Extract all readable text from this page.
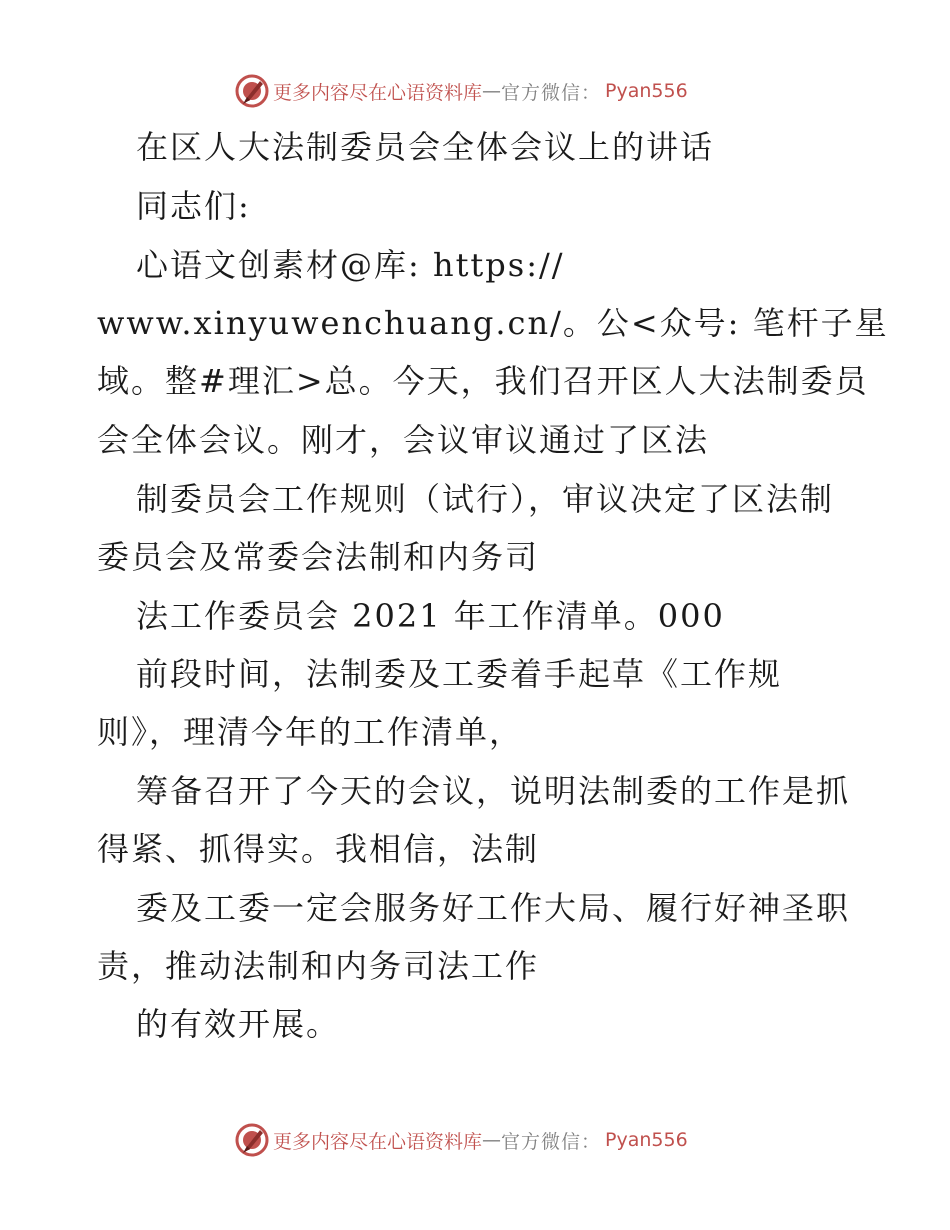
更多内容尽在心语资料库 — 官方微信： Pyan556
在区人大法制委员会全体会议上的讲话
同志们:
心语文创素材@库: https://
www.xinyuwenchuang.cn/。公<众号: 笔杆子星
域。整#理汇>总。今天，我们召开区人大法制委员
会全体会议。刚才，会议审议通过了区法
制委员会工作规则（试行），审议决定了区法制
委员会及常委会法制和内务司
法工作委员会 2021 年工作清单。000
前段时间，法制委及工委着手起草《工作规
则》，理清今年的工作清单，
筹备召开了今天的会议，说明法制委的工作是抓
得紧、抓得实。我相信，法制
委及工委一定会服务好工作大局、履行好神圣职
责，推动法制和内务司法工作
的有效开展。
更多内容尽在心语资料库 — 官方微信： Pyan556
